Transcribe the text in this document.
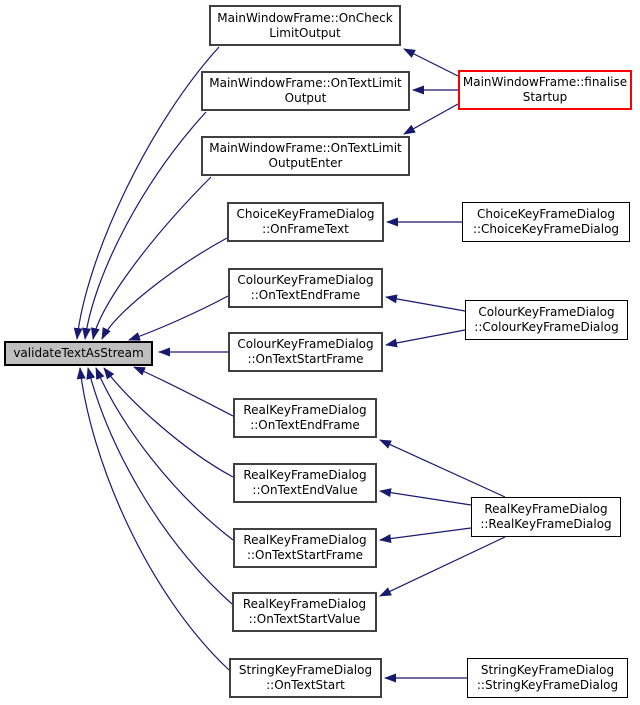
validateTextAsStream
MainWindowFrame::OnCheck
LimitOutput
MainWindowFrame::OnTextLimit
Output
MainWindowFrame::OnTextLimit
OutputEnter
ChoiceKeyFrameDialog
::OnFrameText
ColourKeyFrameDialog
::OnTextEndFrame
ColourKeyFrameDialog
::OnTextStartFrame
RealKeyFrameDialog
::OnTextEndFrame
RealKeyFrameDialog
::OnTextEndValue
RealKeyFrameDialog
::OnTextStartFrame
RealKeyFrameDialog
::OnTextStartValue
StringKeyFrameDialog
::OnTextStart
MainWindowFrame::finalise
Startup
ChoiceKeyFrameDialog
::ChoiceKeyFrameDialog
ColourKeyFrameDialog
::ColourKeyFrameDialog
RealKeyFrameDialog
::RealKeyFrameDialog
StringKeyFrameDialog
::StringKeyFrameDialog
